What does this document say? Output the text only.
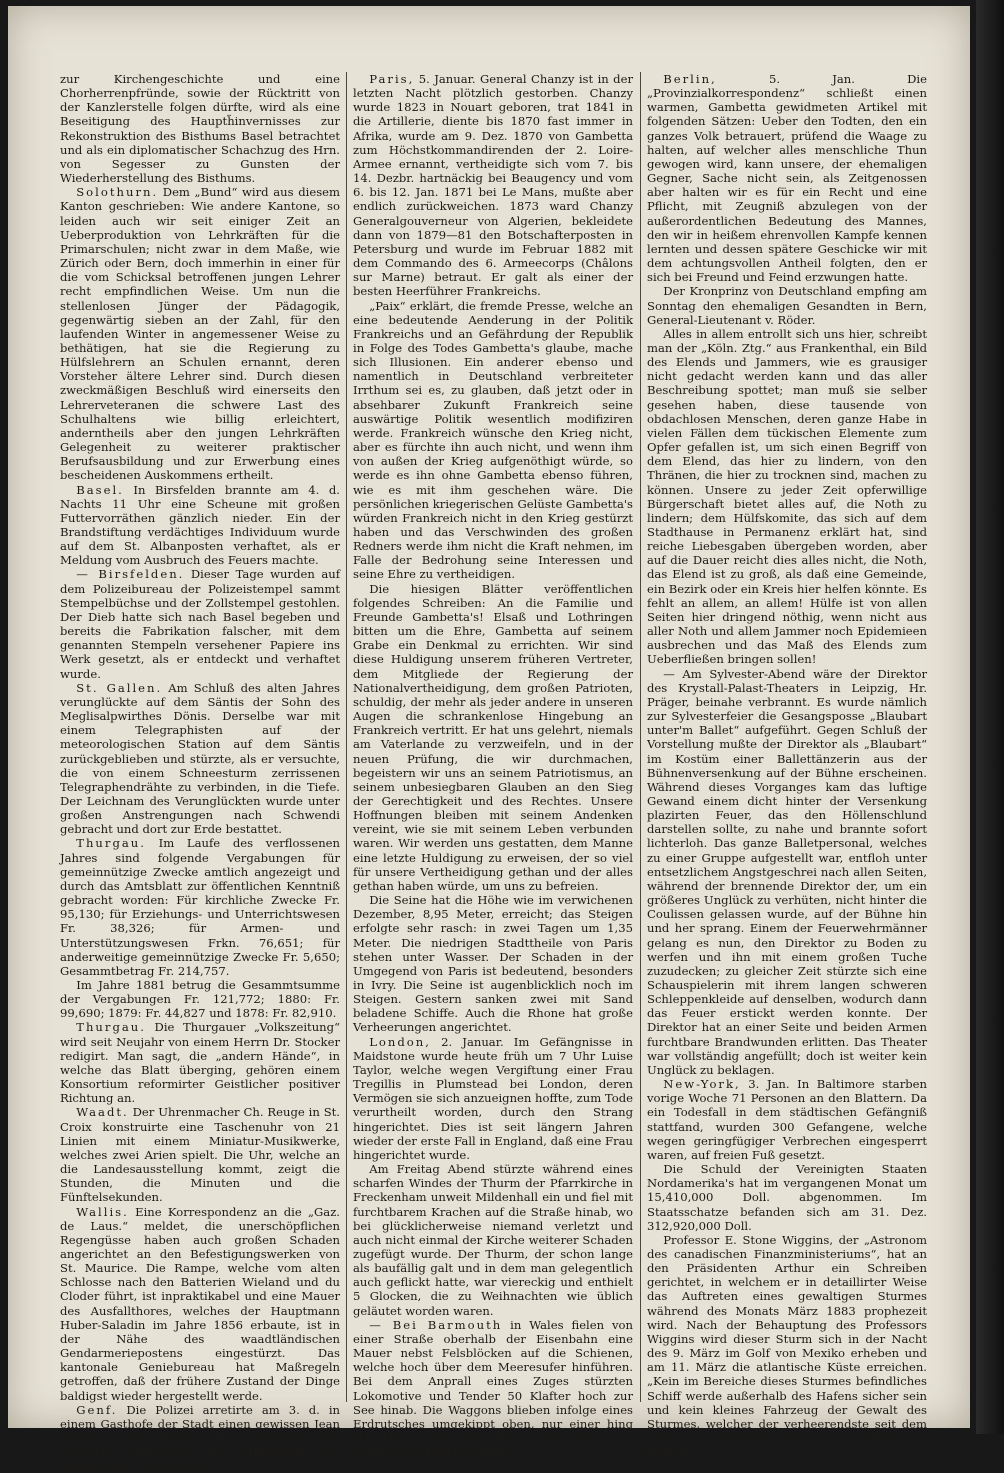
zur Kirchengeschichte und eine Chorherrenpfründe, sowie der Rücktritt von der Kanzlerstelle folgen dürfte, wird als eine Beseitigung des Hauptḧinvernisses zur Rekonstruktion des Bisthums Basel betrachtet und als ein diplomatischer Schachzug des Hrn. von Segesser zu Gunsten der Wiederherstellung des Bisthums.

Solothurn. Dem „Bund“ wird aus diesem Kanton geschrieben: Wie andere Kantone, so leiden auch wir seit einiger Zeit an Ueberproduktion von Lehrkräften für die Primarschulen; nicht zwar in dem Maße, wie Zürich oder Bern, doch immerhin in einer für die vom Schicksal betroffenen jungen Lehrer recht empfindlichen Weise. Um nun die stellenlosen Jünger der Pädagogik, gegenwärtig sieben an der Zahl, für den laufenden Winter in angemessener Weise zu bethätigen, hat sie die Regierung zu Hülfslehrern an Schulen ernannt, deren Vorsteher ältere Lehrer sind. Durch diesen zweckmäßigen Beschluß wird einerseits den Lehrerveteranen die schwere Last des Schulhaltens wie billig erleichtert, anderntheils aber den jungen Lehrkräften Gelegenheit zu weiterer praktischer Berufsausbildung und zur Erwerbung eines bescheidenen Auskommens ertheilt.

Basel. In Birsfelden brannte am 4. d. Nachts 11 Uhr eine Scheune mit großen Futtervorräthen gänzlich nieder. Ein der Brandstiftung verdächtiges Individuum wurde auf dem St. Albanposten verhaftet, als er Meldung vom Ausbruch des Feuers machte.

— Birsfelden. Dieser Tage wurden auf dem Polizeibureau der Polizeistempel sammt Stempelbüchse und der Zollstempel gestohlen. Der Dieb hatte sich nach Basel begeben und bereits die Fabrikation falscher, mit dem genannten Stempeln versehener Papiere ins Werk gesetzt, als er entdeckt und verhaftet wurde.

St. Gallen. Am Schluß des alten Jahres verunglückte auf dem Säntis der Sohn des Meglisalpwirthes Dönis. Derselbe war mit einem Telegraphisten auf der meteorologischen Station auf dem Säntis zurückgeblieben und stürzte, als er versuchte, die von einem Schneesturm zerrissenen Telegraphendrähte zu verbinden, in die Tiefe. Der Leichnam des Verunglückten wurde unter großen Anstrengungen nach Schwendi gebracht und dort zur Erde bestattet.

Thurgau. Im Laufe des verflossenen Jahres sind folgende Vergabungen für gemeinnützige Zwecke amtlich angezeigt und durch das Amtsblatt zur öffentlichen Kenntniß gebracht worden: Für kirchliche Zwecke Fr. 95,130; für Erziehungs- und Unterrichtswesen Fr. 38,326; für Armen- und Unterstützungswesen Frkn. 76,651; für anderweitige gemeinnützige Zwecke Fr. 5,650; Gesammtbetrag Fr. 214,757.

Im Jahre 1881 betrug die Gesammtsumme der Vergabungen Fr. 121,772; 1880: Fr. 99,690; 1879: Fr. 44,827 und 1878: Fr. 82,910.

Thurgau. Die Thurgauer „Volkszeitung“ wird seit Neujahr von einem Herrn Dr. Stocker redigirt. Man sagt, die „andern Hände“, in welche das Blatt überging, gehören einem Konsortium reformirter Geistlicher positiver Richtung an.

Waadt. Der Uhrenmacher Ch. Reuge in St. Croix konstruirte eine Taschenuhr von 21 Linien mit einem Miniatur-Musikwerke, welches zwei Arien spielt. Die Uhr, welche an die Landesausstellung kommt, zeigt die Stunden, die Minuten und die Fünftelsekunden.

Wallis. Eine Korrespondenz an die „Gaz. de Laus.“ meldet, die unerschöpflichen Regengüsse haben auch großen Schaden angerichtet an den Befestigungswerken von St. Maurice. Die Rampe, welche vom alten Schlosse nach den Batterien Wieland und du Cloder führt, ist inpraktikabel und eine Mauer des Ausfallthores, welches der Hauptmann Huber-Saladin im Jahre 1856 erbaute, ist in der Nähe des waadtländischen Gendarmeriepostens eingestürzt. Das kantonale Geniebureau hat Maßregeln getroffen, daß der frühere Zustand der Dinge baldigst wieder hergestellt werde.

Genf. Die Polizei arretirte am 3. d. in einem Gasthofe der Stadt einen gewissen Jean Méant, Angestellten der französischen Ostbahn, angeklagt eines Diebstahls im Betrage von Fr. 120,000.

Paris, 5. Januar. General Chanzy ist in der letzten Nacht plötzlich gestorben. Chanzy wurde 1823 in Nouart geboren, trat 1841 in die Artillerie, diente bis 1870 fast immer in Afrika, wurde am 9. Dez. 1870 von Gambetta zum Höchstkommandirenden der 2. Loire-Armee ernannt, vertheidigte sich vom 7. bis 14. Dezbr. hartnäckig bei Beaugency und vom 6. bis 12. Jan. 1871 bei Le Mans, mußte aber endlich zurückweichen. 1873 ward Chanzy Generalgouverneur von Algerien, bekleidete dann von 1879—81 den Botschafterposten in Petersburg und wurde im Februar 1882 mit dem Commando des 6. Armeecorps (Châlons sur Marne) betraut. Er galt als einer der besten Heerführer Frankreichs.

„Paix“ erklärt, die fremde Presse, welche an eine bedeutende Aenderung in der Politik Frankreichs und an Gefährdung der Republik in Folge des Todes Gambetta's glaube, mache sich Illusionen. Ein anderer ebenso und namentlich in Deutschland verbreiteter Irrthum sei es, zu glauben, daß jetzt oder in absehbarer Zukunft Frankreich seine auswärtige Politik wesentlich modifiziren werde. Frankreich wünsche den Krieg nicht, aber es fürchte ihn auch nicht, und wenn ihm von außen der Krieg aufgenöthigt würde, so werde es ihn ohne Gambetta ebenso führen, wie es mit ihm geschehen wäre. Die persönlichen kriegerischen Gelüste Gambetta's würden Frankreich nicht in den Krieg gestürzt haben und das Verschwinden des großen Redners werde ihm nicht die Kraft nehmen, im Falle der Bedrohung seine Interessen und seine Ehre zu vertheidigen.

Die hiesigen Blätter veröffentlichen folgendes Schreiben: An die Familie und Freunde Gambetta's! Elsaß und Lothringen bitten um die Ehre, Gambetta auf seinem Grabe ein Denkmal zu errichten. Wir sind diese Huldigung unserem früheren Vertreter, dem Mitgliede der Regierung der Nationalvertheidigung, dem großen Patrioten, schuldig, der mehr als jeder andere in unseren Augen die schrankenlose Hingebung an Frankreich vertritt. Er hat uns gelehrt, niemals am Vaterlande zu verzweifeln, und in der neuen Prüfung, die wir durchmachen, begeistern wir uns an seinem Patriotismus, an seinem unbesiegbaren Glauben an den Sieg der Gerechtigkeit und des Rechtes. Unsere Hoffnungen bleiben mit seinem Andenken vereint, wie sie mit seinem Leben verbunden waren. Wir werden uns gestatten, dem Manne eine letzte Huldigung zu erweisen, der so viel für unsere Vertheidigung gethan und der alles gethan haben würde, um uns zu befreien.

Die Seine hat die Höhe wie im verwichenen Dezember, 8,95 Meter, erreicht; das Steigen erfolgte sehr rasch: in zwei Tagen um 1,35 Meter. Die niedrigen Stadttheile von Paris stehen unter Wasser. Der Schaden in der Umgegend von Paris ist bedeutend, besonders in Ivry. Die Seine ist augenblicklich noch im Steigen. Gestern sanken zwei mit Sand beladene Schiffe. Auch die Rhone hat große Verheerungen angerichtet.

London, 2. Januar. Im Gefängnisse in Maidstone wurde heute früh um 7 Uhr Luise Taylor, welche wegen Vergiftung einer Frau Tregillis in Plumstead bei London, deren Vermögen sie sich anzueignen hoffte, zum Tode verurtheilt worden, durch den Strang hingerichtet. Dies ist seit längern Jahren wieder der erste Fall in England, daß eine Frau hingerichtet wurde.

Am Freitag Abend stürzte während eines scharfen Windes der Thurm der Pfarrkirche in Freckenham unweit Mildenhall ein und fiel mit furchtbarem Krachen auf die Straße hinab, wo bei glücklicherweise niemand verletzt und auch nicht einmal der Kirche weiterer Schaden zugefügt wurde. Der Thurm, der schon lange als baufällig galt und in dem man gelegentlich auch geflickt hatte, war viereckig und enthielt 5 Glocken, die zu Weihnachten wie üblich geläutet worden waren.

— Bei Barmouth in Wales fielen von einer Straße oberhalb der Eisenbahn eine Mauer nebst Felsblöcken auf die Schienen, welche hoch über dem Meeresufer hinführen. Bei dem Anprall eines Zuges stürzten Lokomotive und Tender 50 Klafter hoch zur See hinab. Die Waggons blieben infolge eines Erdrutsches umgekippt oben, nur einer hing schwebend über dem Abhang. Die Passagiere wurden nur leicht verletzt.

Berlin, 5. Jan. Die „Provinzialkorrespondenz“ schließt einen warmen, Gambetta gewidmeten Artikel mit folgenden Sätzen: Ueber den Todten, den ein ganzes Volk betrauert, prüfend die Waage zu halten, auf welcher alles menschliche Thun gewogen wird, kann unsere, der ehemaligen Gegner, Sache nicht sein, als Zeitgenossen aber halten wir es für ein Recht und eine Pflicht, mit Zeugniß abzulegen von der außerordentlichen Bedeutung des Mannes, den wir in heißem ehrenvollen Kampfe kennen lernten und dessen spätere Geschicke wir mit dem achtungsvollen Antheil folgten, den er sich bei Freund und Feind erzwungen hatte.

Der Kronprinz von Deutschland empfing am Sonntag den ehemaligen Gesandten in Bern, General-Lieutenant v. Röder.

Alles in allem entrollt sich uns hier, schreibt man der „Köln. Ztg.“ aus Frankenthal, ein Bild des Elends und Jammers, wie es grausiger nicht gedacht werden kann und das aller Beschreibung spottet; man muß sie selber gesehen haben, diese tausende von obdachlosen Menschen, deren ganze Habe in vielen Fällen dem tückischen Elemente zum Opfer gefallen ist, um sich einen Begriff von dem Elend, das hier zu lindern, von den Thränen, die hier zu trocknen sind, machen zu können. Unsere zu jeder Zeit opferwillige Bürgerschaft bietet alles auf, die Noth zu lindern; dem Hülfskomite, das sich auf dem Stadthause in Permanenz erklärt hat, sind reiche Liebesgaben übergeben worden, aber auf die Dauer reicht dies alles nicht, die Noth, das Elend ist zu groß, als daß eine Gemeinde, ein Bezirk oder ein Kreis hier helfen könnte. Es fehlt an allem, an allem! Hülfe ist von allen Seiten hier dringend nöthig, wenn nicht aus aller Noth und allem Jammer noch Epidemieen ausbrechen und das Maß des Elends zum Ueberfließen bringen sollen!

— Am Sylvester-Abend wäre der Direktor des Krystall-Palast-Theaters in Leipzig, Hr. Präger, beinahe verbrannt. Es wurde nämlich zur Sylvesterfeier die Gesangsposse „Blaubart unter'm Ballet“ aufgeführt. Gegen Schluß der Vorstellung mußte der Direktor als „Blaubart“ im Kostüm einer Ballettänzerin aus der Bühnenversenkung auf der Bühne erscheinen. Während dieses Vorganges kam das luftige Gewand einem dicht hinter der Versenkung plazirten Feuer, das den Höllenschlund darstellen sollte, zu nahe und brannte sofort lichterloh. Das ganze Balletpersonal, welches zu einer Gruppe aufgestellt war, entfloh unter entsetzlichem Angstgeschrei nach allen Seiten, während der brennende Direktor der, um ein größeres Unglück zu verhüten, nicht hinter die Coulissen gelassen wurde, auf der Bühne hin und her sprang. Einem der Feuerwehrmänner gelang es nun, den Direktor zu Boden zu werfen und ihn mit einem großen Tuche zuzudecken; zu gleicher Zeit stürzte sich eine Schauspielerin mit ihrem langen schweren Schleppenkleide auf denselben, wodurch dann das Feuer erstickt werden konnte. Der Direktor hat an einer Seite und beiden Armen furchtbare Brandwunden erlitten. Das Theater war vollständig angefüllt; doch ist weiter kein Unglück zu beklagen.

New-York, 3. Jan. In Baltimore starben vorige Woche 71 Personen an den Blattern. Da ein Todesfall in dem städtischen Gefängniß stattfand, wurden 300 Gefangene, welche wegen geringfügiger Verbrechen eingesperrt waren, auf freien Fuß gesetzt.

Die Schuld der Vereinigten Staaten Nordamerika's hat im vergangenen Monat um 15,410,000 Doll. abgenommen. Im Staatsschatze befanden sich am 31. Dez. 312,920,000 Doll.

Professor E. Stone Wiggins, der „Astronom des canadischen Finanzministeriums“, hat an den Präsidenten Arthur ein Schreiben gerichtet, in welchem er in detaillirter Weise das Auftreten eines gewaltigen Sturmes während des Monats März 1883 prophezeit wird. Nach der Behauptung des Professors Wiggins wird dieser Sturm sich in der Nacht des 9. März im Golf von Mexiko erheben und am 11. März die atlantische Küste erreichen. „Kein im Bereiche dieses Sturmes befindliches Schiff werde außerhalb des Hafens sicher sein und kein kleines Fahrzeug der Gewalt des Sturmes, welcher der verheerendste seit dem letzten Jahrhundert sein wird, widerstehen können.“
